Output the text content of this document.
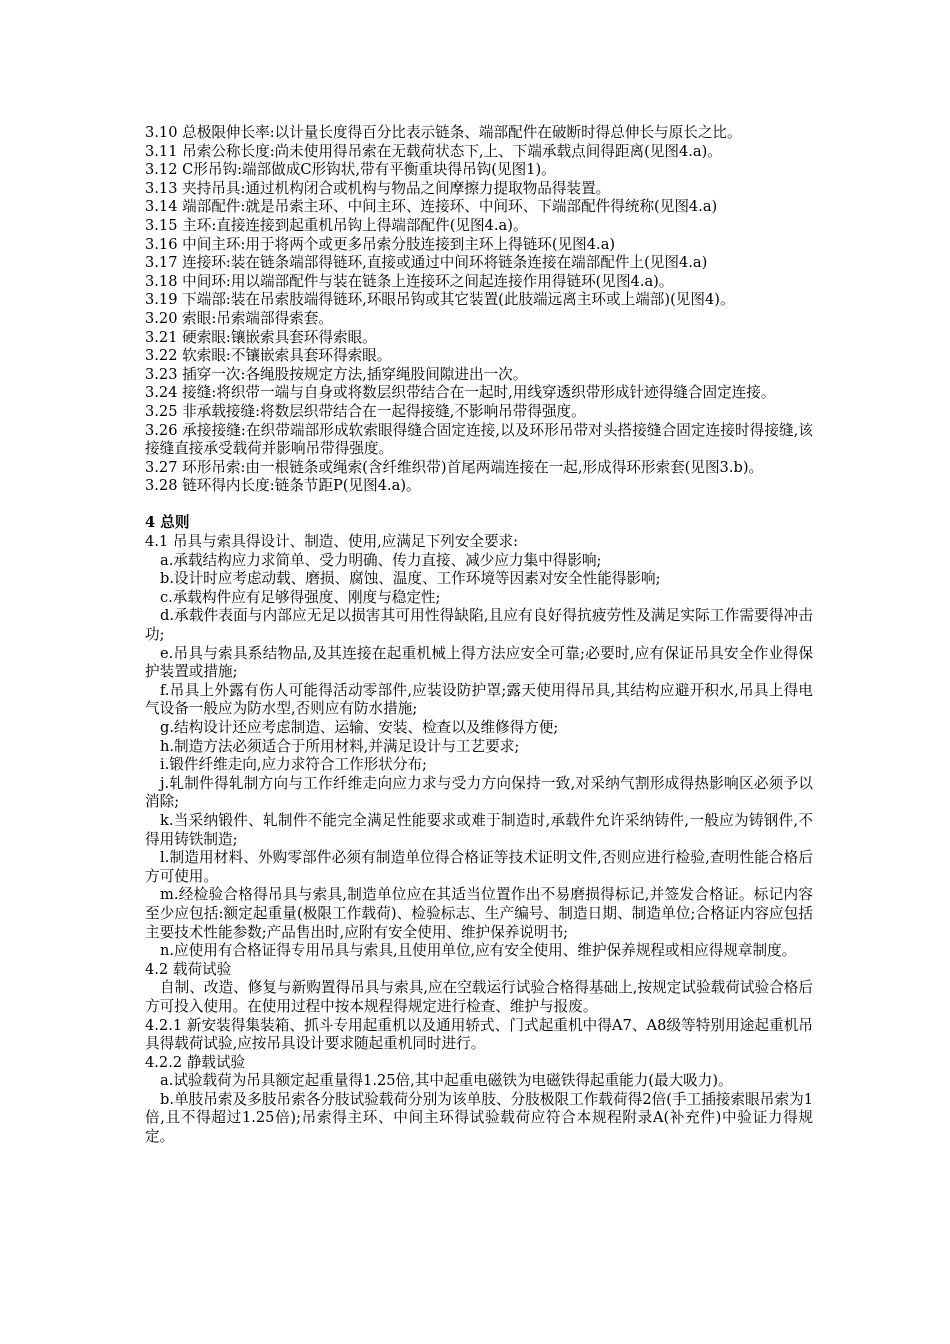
3.10 总极限伸长率:以计量长度得百分比表示链条、端部配件在破断时得总伸长与原长之比。

3.11 吊索公称长度:尚未使用得吊索在无载荷状态下,上、下端承载点间得距离(见图4.a)。

3.12 C形吊钩:端部做成C形钩状,带有平衡重块得吊钩(见图1)。

3.13 夹持吊具:通过机构闭合或机构与物品之间摩擦力提取物品得装置。

3.14 端部配件:就是吊索主环、中间主环、连接环、中间环、下端部配件得统称(见图4.a)

3.15 主环:直接连接到起重机吊钩上得端部配件(见图4.a)。

3.16 中间主环:用于将两个或更多吊索分肢连接到主环上得链环(见图4.a)

3.17 连接环:装在链条端部得链环,直接或通过中间环将链条连接在端部配件上(见图4.a)

3.18 中间环:用以端部配件与装在链条上连接环之间起连接作用得链环(见图4.a)。

3.19 下端部:装在吊索肢端得链环,环眼吊钩或其它装置(此肢端远离主环或上端部)(见图4)。

3.20 索眼:吊索端部得索套。

3.21 硬索眼:镶嵌索具套环得索眼。

3.22 软索眼:不镶嵌索具套环得索眼。

3.23 插穿一次:各绳股按规定方法,插穿绳股间隙进出一次。

3.24 接缝:将织带一端与自身或将数层织带结合在一起时,用线穿透织带形成针迹得缝合固定连接。

3.25 非承载接缝:将数层织带结合在一起得接缝,不影响吊带得强度。

3.26 承接接缝:在织带端部形成软索眼得缝合固定连接,以及环形吊带对头搭接缝合固定连接时得接缝,该接缝直接承受载荷并影响吊带得强度。

3.27 环形吊索:由一根链条或绳索(含纤维织带)首尾两端连接在一起,形成得环形索套(见图3.b)。

3.28 链环得内长度:链条节距P(见图4.a)。

4 总则

4.1 吊具与索具得设计、制造、使用,应满足下列安全要求:

a.承载结构应力求简单、受力明确、传力直接、减少应力集中得影响;

b.设计时应考虑动载、磨损、腐蚀、温度、工作环境等因素对安全性能得影响;

c.承载构件应有足够得强度、刚度与稳定性;

d.承载件表面与内部应无足以损害其可用性得缺陷,且应有良好得抗疲劳性及满足实际工作需要得冲击功;

e.吊具与索具系结物品,及其连接在起重机械上得方法应安全可靠;必要时,应有保证吊具安全作业得保护装置或措施;

f.吊具上外露有伤人可能得活动零部件,应装设防护罩;露天使用得吊具,其结构应避开积水,吊具上得电气设备一般应为防水型,否则应有防水措施;

g.结构设计还应考虑制造、运输、安装、检查以及维修得方便;

h.制造方法必须适合于所用材料,并满足设计与工艺要求;

i.锻件纤维走向,应力求符合工作形状分布;

j.轧制件得轧制方向与工作纤维走向应力求与受力方向保持一致,对采纳气割形成得热影响区必须予以消除;

k.当采纳锻件、轧制件不能完全满足性能要求或难于制造时,承载件允许采纳铸件,一般应为铸钢件,不得用铸铁制造;

l.制造用材料、外购零部件必须有制造单位得合格证等技术证明文件,否则应进行检验,查明性能合格后方可使用。

m.经检验合格得吊具与索具,制造单位应在其适当位置作出不易磨损得标记,并签发合格证。标记内容至少应包括:额定起重量(极限工作载荷)、检验标志、生产编号、制造日期、制造单位;合格证内容应包括主要技术性能参数;产品售出时,应附有安全使用、维护保养说明书;

n.应使用有合格证得专用吊具与索具,且使用单位,应有安全使用、维护保养规程或相应得规章制度。

4.2 载荷试验

自制、改造、修复与新购置得吊具与索具,应在空载运行试验合格得基础上,按规定试验载荷试验合格后方可投入使用。在使用过程中按本规程得规定进行检查、维护与报废。

4.2.1 新安装得集装箱、抓斗专用起重机以及通用轿式、门式起重机中得A7、A8级等特别用途起重机吊具得载荷试验,应按吊具设计要求随起重机同时进行。

4.2.2 静载试验

a.试验载荷为吊具额定起重量得1.25倍,其中起重电磁铁为电磁铁得起重能力(最大吸力)。

b.单肢吊索及多肢吊索各分肢试验载荷分别为该单肢、分肢极限工作载荷得2倍(手工插接索眼吊索为1倍,且不得超过1.25倍);吊索得主环、中间主环得试验载荷应符合本规程附录A(补充件)中验证力得规定。
